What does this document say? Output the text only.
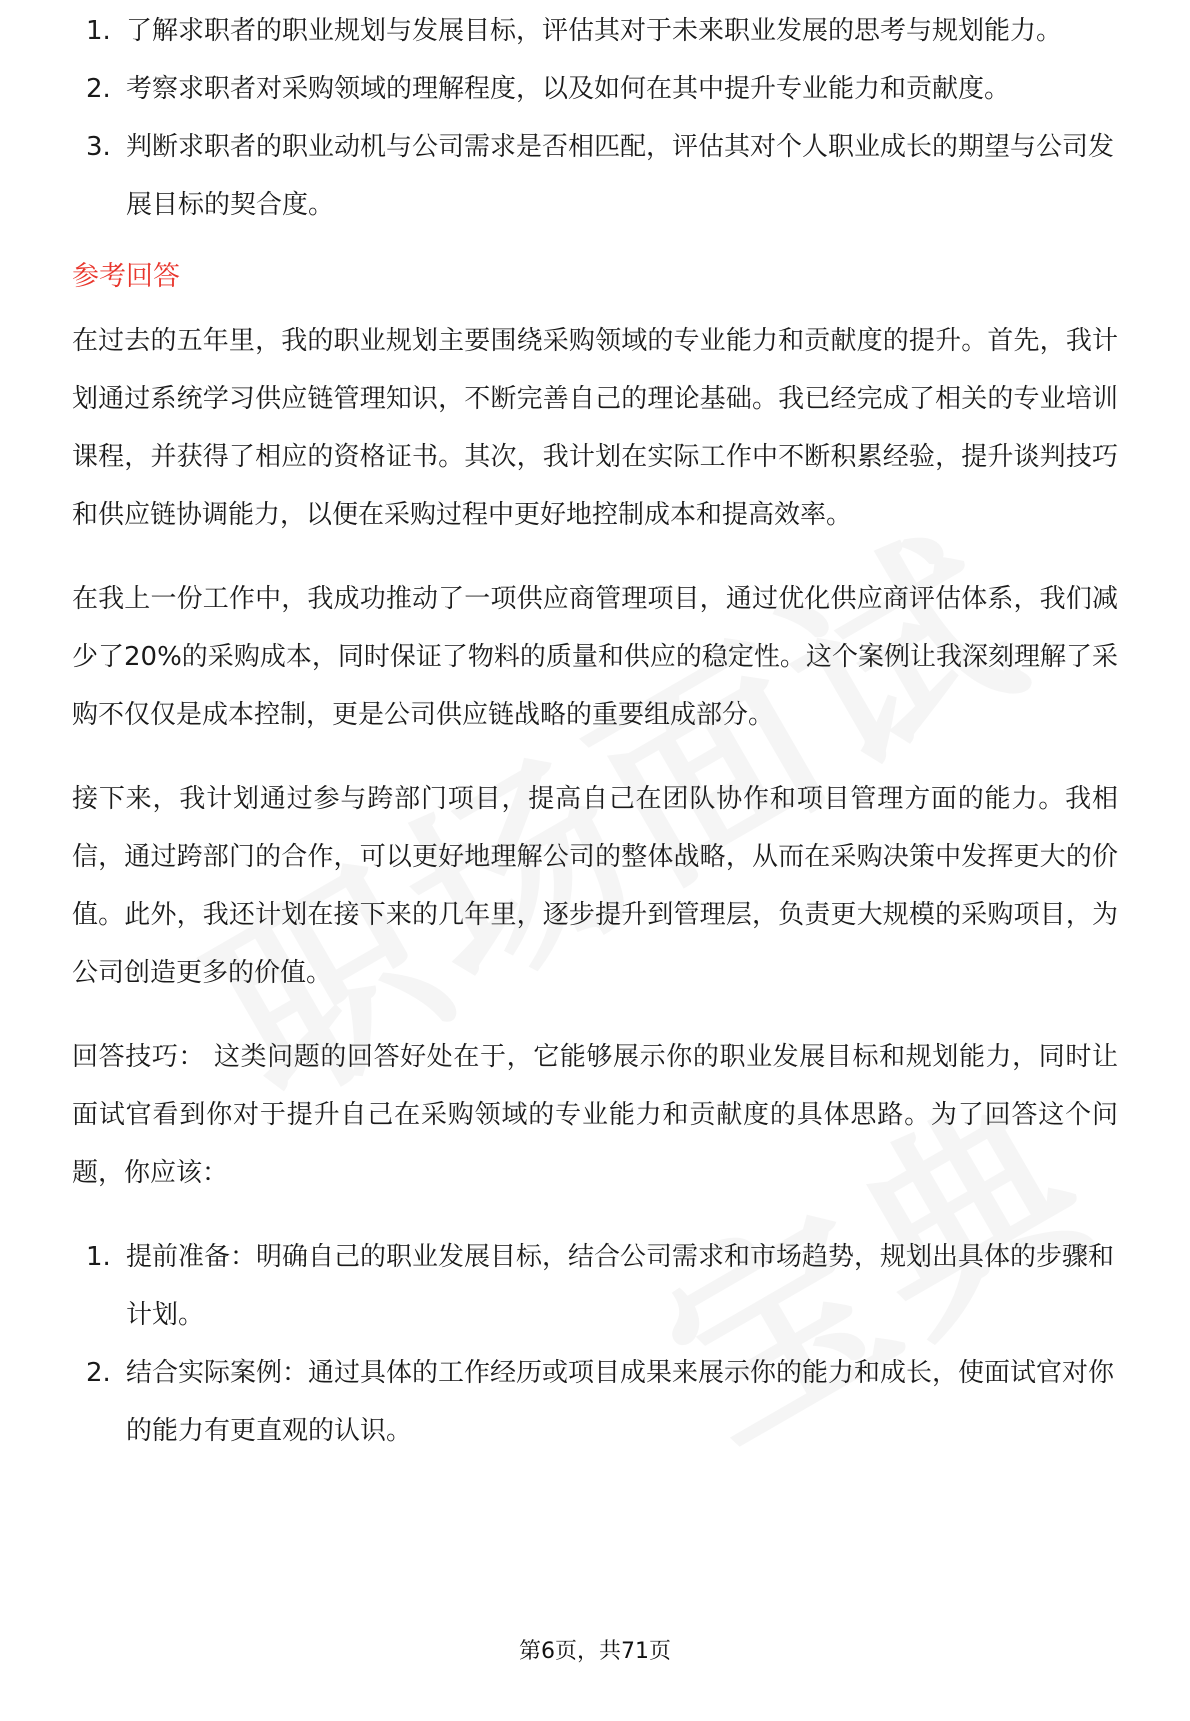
1. 了解求职者的职业规划与发展目标，评估其对于未来职业发展的思考与规划能力。
2. 考察求职者对采购领域的理解程度，以及如何在其中提升专业能力和贡献度。
3. 判断求职者的职业动机与公司需求是否相匹配，评估其对个人职业成长的期望与公司发展目标的契合度。
参考回答

在过去的五年里，我的职业规划主要围绕采购领域的专业能力和贡献度的提升。首先，我计划通过系统学习供应链管理知识，不断完善自己的理论基础。我已经完成了相关的专业培训课程，并获得了相应的资格证书。其次，我计划在实际工作中不断积累经验，提升谈判技巧和供应链协调能力，以便在采购过程中更好地控制成本和提高效率。

在我上一份工作中，我成功推动了一项供应商管理项目，通过优化供应商评估体系，我们减少了20%的采购成本，同时保证了物料的质量和供应的稳定性。这个案例让我深刻理解了采购不仅仅是成本控制，更是公司供应链战略的重要组成部分。

接下来，我计划通过参与跨部门项目，提高自己在团队协作和项目管理方面的能力。我相信，通过跨部门的合作，可以更好地理解公司的整体战略，从而在采购决策中发挥更大的价值。此外，我还计划在接下来的几年里，逐步提升到管理层，负责更大规模的采购项目，为公司创造更多的价值。

回答技巧： 这类问题的回答好处在于，它能够展示你的职业发展目标和规划能力，同时让面试官看到你对于提升自己在采购领域的专业能力和贡献度的具体思路。为了回答这个问题，你应该：

1. 提前准备：明确自己的职业发展目标，结合公司需求和市场趋势，规划出具体的步骤和计划。
2. 结合实际案例：通过具体的工作经历或项目成果来展示你的能力和成长，使面试官对你的能力有更直观的认识。
第6页，共71页
